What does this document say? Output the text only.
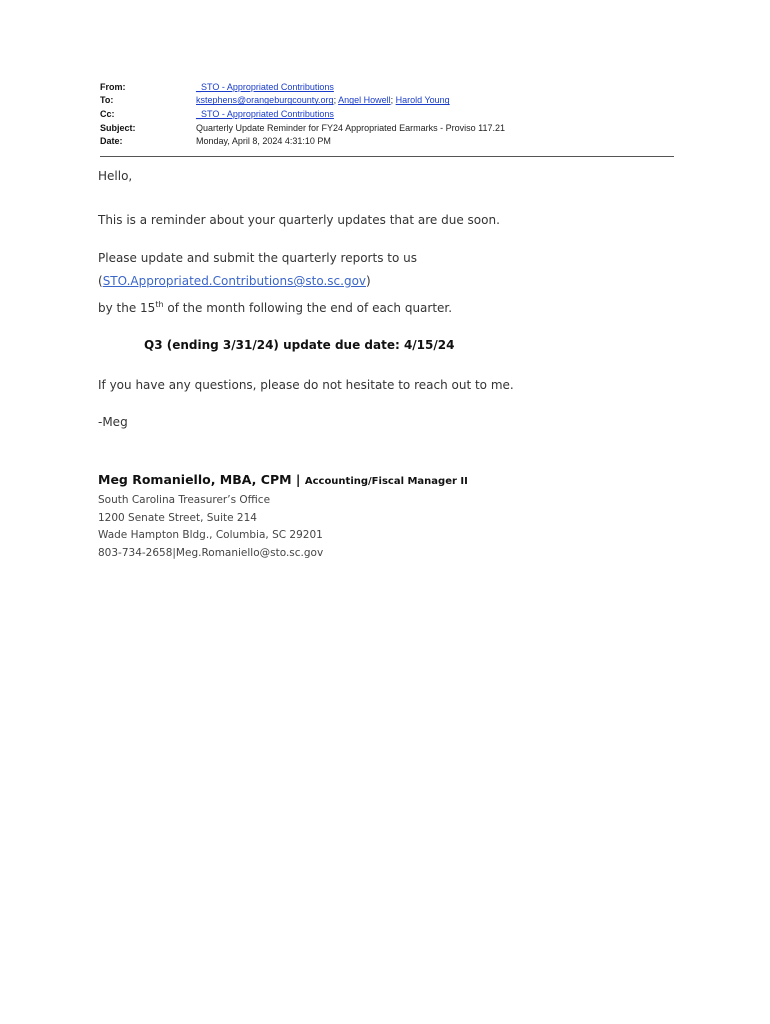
From:	_STO - Appropriated Contributions
To:	kstephens@orangeburgcounty.org; Angel Howell; Harold Young
Cc:	_STO - Appropriated Contributions
Subject:	Quarterly Update Reminder for FY24 Appropriated Earmarks - Proviso 117.21
Date:	Monday, April 8, 2024 4:31:10 PM

Hello,

This is a reminder about your quarterly updates that are due soon.

Please update and submit the quarterly reports to us (STO.Appropriated.Contributions@sto.sc.gov)
by the 15th of the month following the end of each quarter.

Q3 (ending 3/31/24) update due date: 4/15/24

If you have any questions, please do not hesitate to reach out to me.

-Meg

Meg Romaniello, MBA, CPM | Accounting/Fiscal Manager II
South Carolina Treasurer’s Office
1200 Senate Street, Suite 214
Wade Hampton Bldg., Columbia, SC 29201
803-734-2658|Meg.Romaniello@sto.sc.gov
